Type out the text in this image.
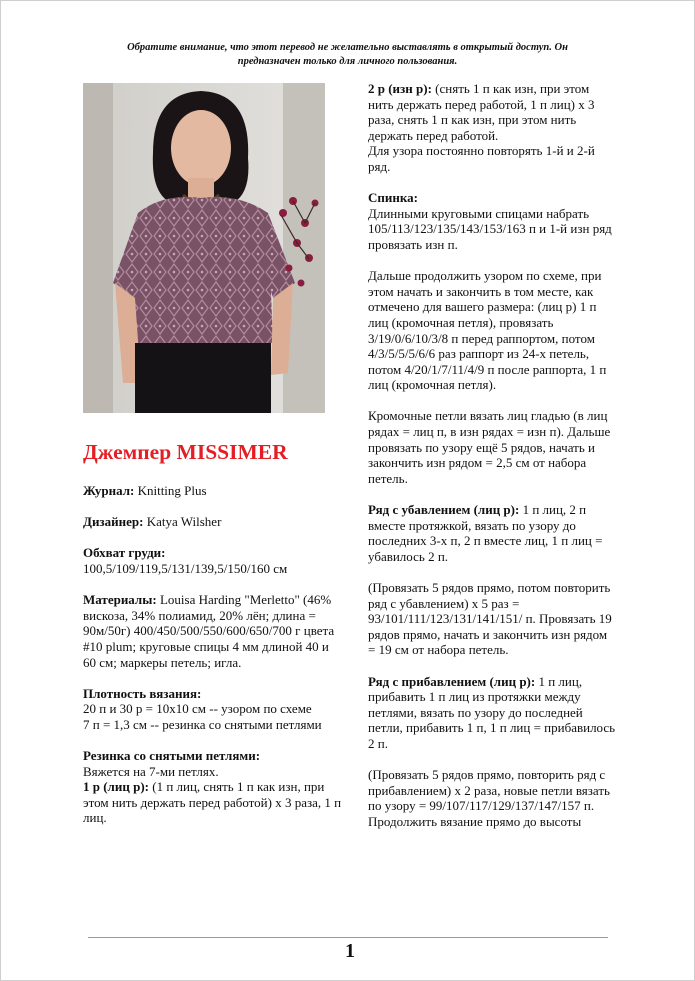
Обратите внимание, что этот перевод не желательно выставлять в открытый доступ. Он предназначен только для личного пользования.
Джемпер MISSIMER

Журнал: Knitting Plus

Дизайнер: Katya Wilsher

Обхват груди:
100,5/109/119,5/131/139,5/150/160 см

Материалы: Louisa Harding "Merletto" (46% вискоза, 34% полиамид, 20% лён; длина = 90м/50г) 400/450/500/550/600/650/700 г цвета #10 plum; круговые спицы 4 мм длиной 40 и 60 см; маркеры петель; игла.

Плотность вязания:
20 п и 30 р = 10х10 см -- узором по схеме
7 п = 1,3 см -- резинка со снятыми петлями

Резинка со снятыми петлями:
Вяжется на 7-ми петлях.
1 р (лиц р): (1 п лиц, снять 1 п как изн, при этом нить держать перед работой) х 3 раза, 1 п лиц.

2 р (изн р): (снять 1 п как изн, при этом нить держать перед работой, 1 п лиц) х 3 раза, снять 1 п как изн, при этом нить держать перед работой.
Для узора постоянно повторять 1-й и 2-й ряд.

Спинка:
Длинными круговыми спицами набрать 105/113/123/135/143/153/163 п и 1-й изн ряд провязать изн п.

Дальше продолжить узором по схеме, при этом начать и закончить в том месте, как отмечено для вашего размера: (лиц р) 1 п лиц (кромочная петля), провязать 3/19/0/6/10/3/8 п перед раппортом, потом 4/3/5/5/5/6/6 раз раппорт из 24-х петель, потом 4/20/1/7/11/4/9 п после раппорта, 1 п лиц (кромочная петля).

Кромочные петли вязать лиц гладью (в лиц рядах = лиц п, в изн рядах = изн п). Дальше провязать по узору ещё 5 рядов, начать и закончить изн рядом = 2,5 см от набора петель.

Ряд с убавлением (лиц р): 1 п лиц, 2 п вместе протяжкой, вязать по узору до последних 3-х п, 2 п вместе лиц, 1 п лиц = убавилось 2 п.

(Провязать 5 рядов прямо, потом повторить ряд с убавлением) х 5 раз = 93/101/111/123/131/141/151/ п. Провязать 19 рядов прямо, начать и закончить изн рядом = 19 см от набора петель.

Ряд с прибавлением (лиц р): 1 п лиц, прибавить 1 п лиц из протяжки между петлями, вязать по узору до последней петли, прибавить 1 п, 1 п лиц = прибавилось 2 п.

(Провязать 5 рядов прямо, повторить ряд с прибавлением) х 2 раза, новые петли вязать по узору = 99/107/117/129/137/147/157 п. Продолжить вязание прямо до высоты

1
